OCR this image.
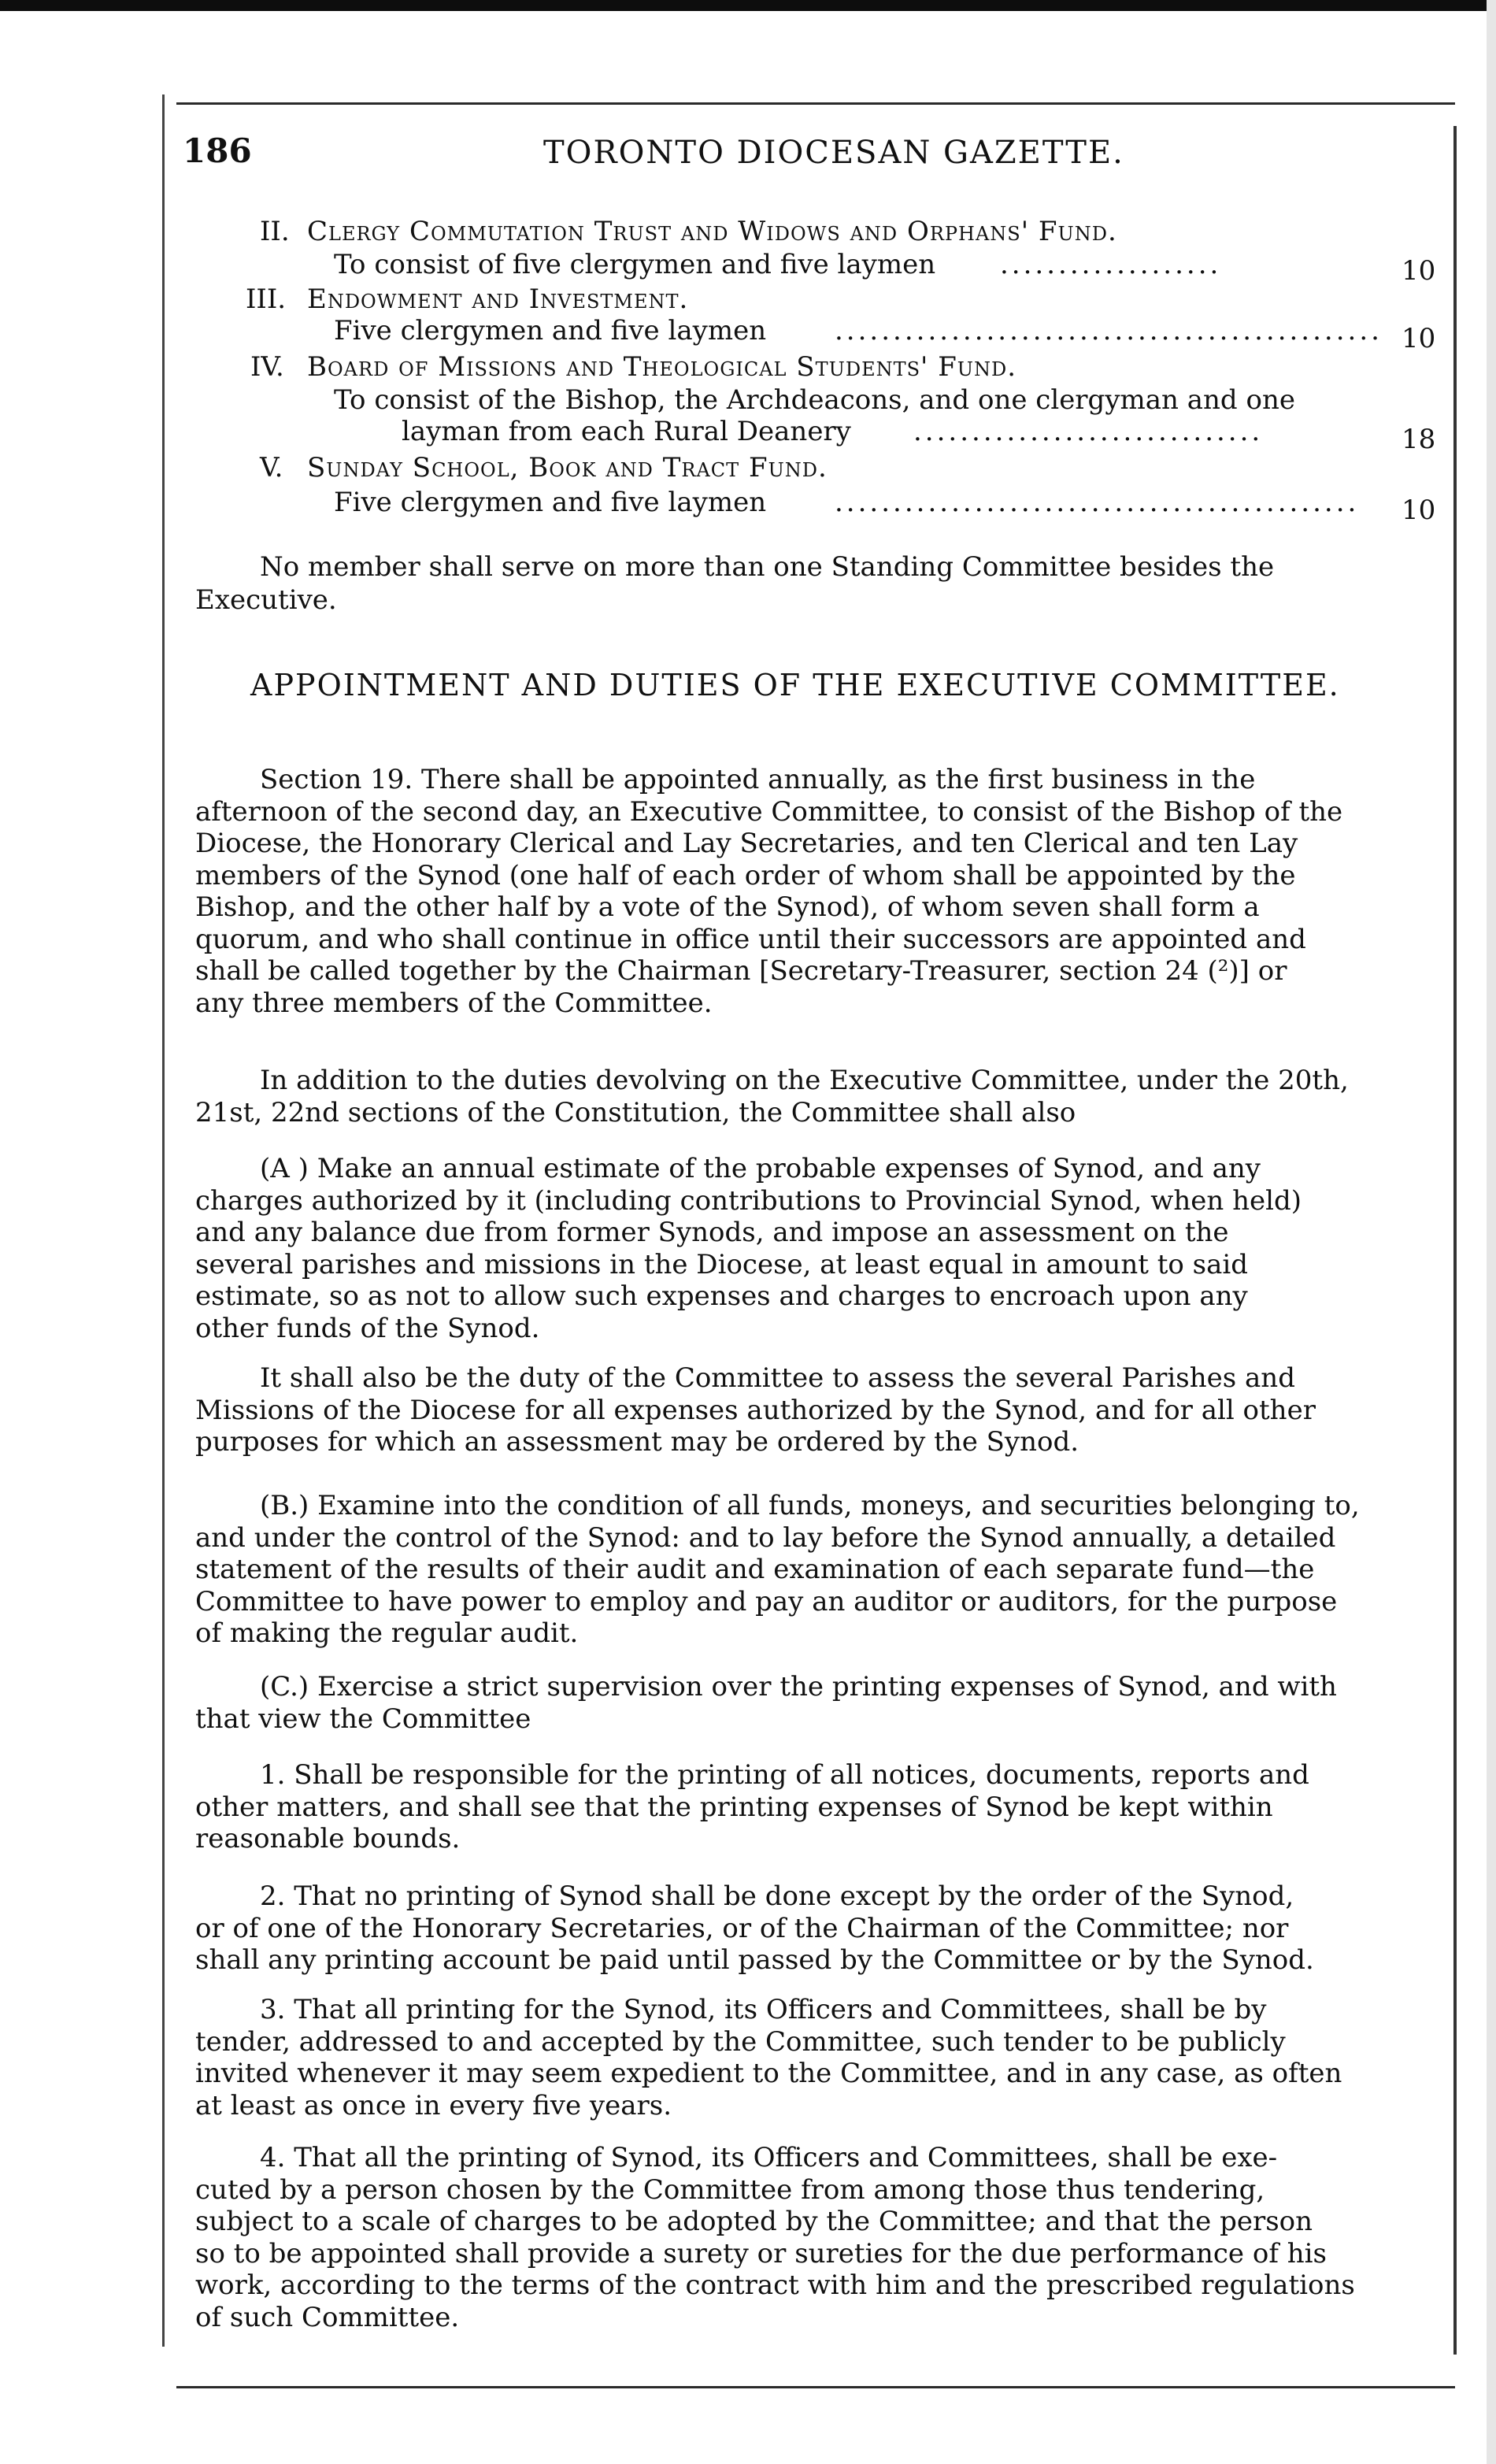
186	TORONTO DIOCESAN GAZETTE.
II. Clergy Commutation Trust and Widows and Orphans' Fund.
To consist of five clergymen and five laymen ...................	10
III. Endowment and Investment.
Five clergymen and five laymen	............................................... 10
IV. Board of Missions and Theological Students' Fund.
To consist of the Bishop, the Archdeacons, and one clergyman and one
layman from each Rural Deanery ..............................	18
V. Sunday School, Book and Tract Fund.
Five clergymen and five laymen	............................................. 10
No member shall serve on more than one Standing Committee besides the
Executive.
APPOINTMENT AND DUTIES OF THE EXECUTIVE COMMITTEE.
Section 19. There shall be appointed annually, as the first business in the
afternoon of the second day, an Executive Committee, to consist of the Bishop of the
Diocese, the Honorary Clerical and Lay Secretaries, and ten Clerical and ten Lay
members of the Synod (one half of each order of whom shall be appointed by the
Bishop, and the other half by a vote of the Synod), of whom seven shall form a
quorum, and who shall continue in office until their successors are appointed and
shall be called together by the Chairman [Secretary-Treasurer, section 24 (²)] or
any three members of the Committee.
In addition to the duties devolving on the Executive Committee, under the 20th,
21st, 22nd sections of the Constitution, the Committee shall also
(A ) Make an annual estimate of the probable expenses of Synod, and any
charges authorized by it (including contributions to Provincial Synod, when held)
and any balance due from former Synods, and impose an assessment on the
several parishes and missions in the Diocese, at least equal in amount to said
estimate, so as not to allow such expenses and charges to encroach upon any
other funds of the Synod.
It shall also be the duty of the Committee to assess the several Parishes and
Missions of the Diocese for all expenses authorized by the Synod, and for all other
purposes for which an assessment may be ordered by the Synod.
(B.) Examine into the condition of all funds, moneys, and securities belonging to,
and under the control of the Synod: and to lay before the Synod annually, a detailed
statement of the results of their audit and examination of each separate fund—the
Committee to have power to employ and pay an auditor or auditors, for the purpose
of making the regular audit.
(C.) Exercise a strict supervision over the printing expenses of Synod, and with
that view the Committee
1. Shall be responsible for the printing of all notices, documents, reports and
other matters, and shall see that the printing expenses of Synod be kept within
reasonable bounds.
2. That no printing of Synod shall be done except by the order of the Synod,
or of one of the Honorary Secretaries, or of the Chairman of the Committee; nor
shall any printing account be paid until passed by the Committee or by the Synod.
3. That all printing for the Synod, its Officers and Committees, shall be by
tender, addressed to and accepted by the Committee, such tender to be publicly
invited whenever it may seem expedient to the Committee, and in any case, as often
at least as once in every five years.
4. That all the printing of Synod, its Officers and Committees, shall be exe-
cuted by a person chosen by the Committee from among those thus tendering,
subject to a scale of charges to be adopted by the Committee; and that the person
so to be appointed shall provide a surety or sureties for the due performance of his
work, according to the terms of the contract with him and the prescribed regulations
of such Committee.
